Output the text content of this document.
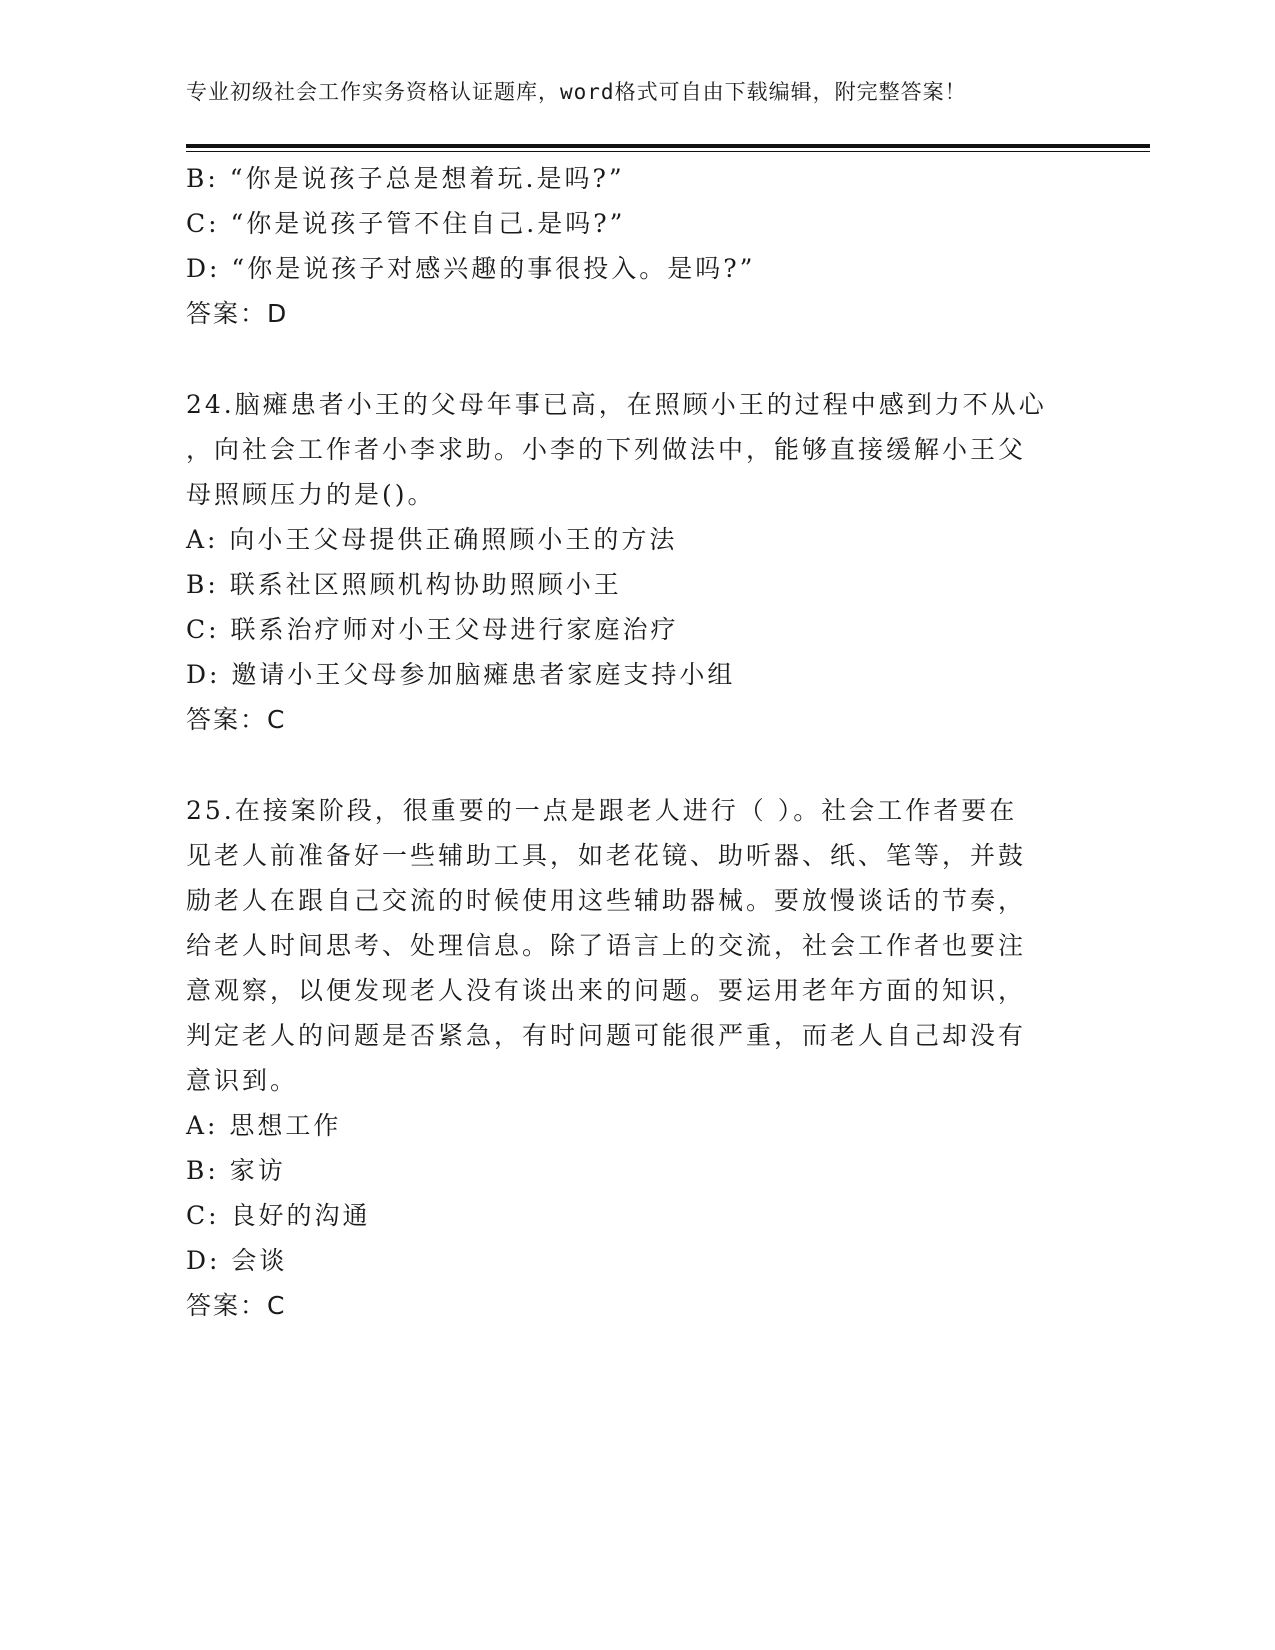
专业初级社会工作实务资格认证题库，word格式可自由下载编辑，附完整答案！
B: “你是说孩子总是想着玩.是吗?”
C: “你是说孩子管不住自己.是吗?”
D: “你是说孩子对感兴趣的事很投入。是吗?”
答案：D
24.脑瘫患者小王的父母年事已高，在照顾小王的过程中感到力不从心
，向社会工作者小李求助。小李的下列做法中，能够直接缓解小王父
母照顾压力的是()。
A: 向小王父母提供正确照顾小王的方法
B: 联系社区照顾机构协助照顾小王
C: 联系治疗师对小王父母进行家庭治疗
D: 邀请小王父母参加脑瘫患者家庭支持小组
答案：C
25.在接案阶段，很重要的一点是跟老人进行（ ）。社会工作者要在
见老人前准备好一些辅助工具，如老花镜、助听器、纸、笔等，并鼓
励老人在跟自己交流的时候使用这些辅助器械。要放慢谈话的节奏，
给老人时间思考、处理信息。除了语言上的交流，社会工作者也要注
意观察，以便发现老人没有谈出来的问题。要运用老年方面的知识，
判定老人的问题是否紧急，有时问题可能很严重，而老人自己却没有
意识到。
A: 思想工作
B: 家访
C: 良好的沟通
D: 会谈
答案：C
